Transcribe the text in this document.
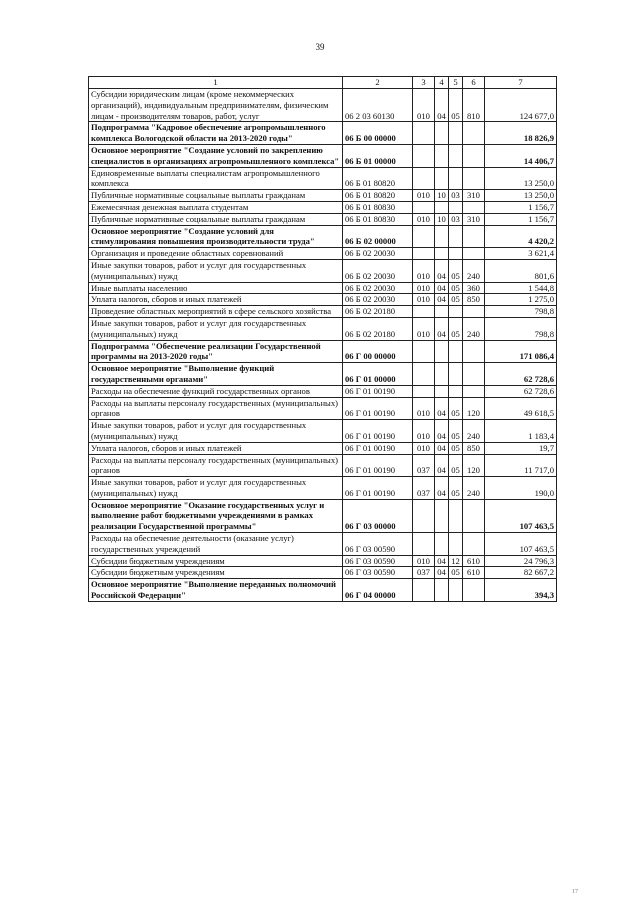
39
1	2	3	4	5	6	7
Субсидии юридическим лицам (кроме некоммерческих организаций), индивидуальным предпринимателям, физическим лицам - производителям товаров, работ, услуг	06 2 03 60130	010	04	05	810	124 677,0
Подпрограмма "Кадровое обеспечение агропромышленного комплекса Вологодской области на 2013-2020 годы"	06 Б 00 00000					18 826,9
Основное мероприятие "Создание условий по закреплению специалистов в организациях агропромышленного комплекса"	06 Б 01 00000					14 406,7
Единовременные выплаты специалистам агропромышленного комплекса	06 Б 01 80820					13 250,0
Публичные нормативные социальные выплаты гражданам	06 Б 01 80820	010	10	03	310	13 250,0
Ежемесячная денежная выплата студентам	06 Б 01 80830					1 156,7
Публичные нормативные социальные выплаты гражданам	06 Б 01 80830	010	10	03	310	1 156,7
Основное мероприятие "Создание условий для стимулирования повышения производительности труда"	06 Б 02 00000					4 420,2
Организация и проведение областных соревнований	06 Б 02 20030					3 621,4
Иные закупки товаров, работ и услуг для государственных (муниципальных) нужд	06 Б 02 20030	010	04	05	240	801,6
Иные выплаты населению	06 Б 02 20030	010	04	05	360	1 544,8
Уплата налогов, сборов и иных платежей	06 Б 02 20030	010	04	05	850	1 275,0
Проведение областных мероприятий в сфере сельского хозяйства	06 Б 02 20180					798,8
Иные закупки товаров, работ и услуг для государственных (муниципальных) нужд	06 Б 02 20180	010	04	05	240	798,8
Подпрограмма "Обеспечение реализации Государственной программы на 2013-2020 годы"	06 Г 00 00000					171 086,4
Основное мероприятие "Выполнение функций государственными органами"	06 Г 01 00000					62 728,6
Расходы на обеспечение функций государственных органов	06 Г 01 00190					62 728,6
Расходы на выплаты персоналу государственных (муниципальных) органов	06 Г 01 00190	010	04	05	120	49 618,5
Иные закупки товаров, работ и услуг для государственных (муниципальных) нужд	06 Г 01 00190	010	04	05	240	1 183,4
Уплата налогов, сборов и иных платежей	06 Г 01 00190	010	04	05	850	19,7
Расходы на выплаты персоналу государственных (муниципальных) органов	06 Г 01 00190	037	04	05	120	11 717,0
Иные закупки товаров, работ и услуг для государственных (муниципальных) нужд	06 Г 01 00190	037	04	05	240	190,0
Основное мероприятие "Оказание государственных услуг и выполнение работ бюджетными учреждениями в рамках реализации Государственной программы"	06 Г 03 00000					107 463,5
Расходы на обеспечение деятельности (оказание услуг) государственных учреждений	06 Г 03 00590					107 463,5
Субсидии бюджетным учреждениям	06 Г 03 00590	010	04	12	610	24 796,3
Субсидии бюджетным учреждениям	06 Г 03 00590	037	04	05	610	82 667,2
Основное мероприятие "Выполнение переданных полномочий Российской Федерации"	06 Г 04 00000					394,3
17
